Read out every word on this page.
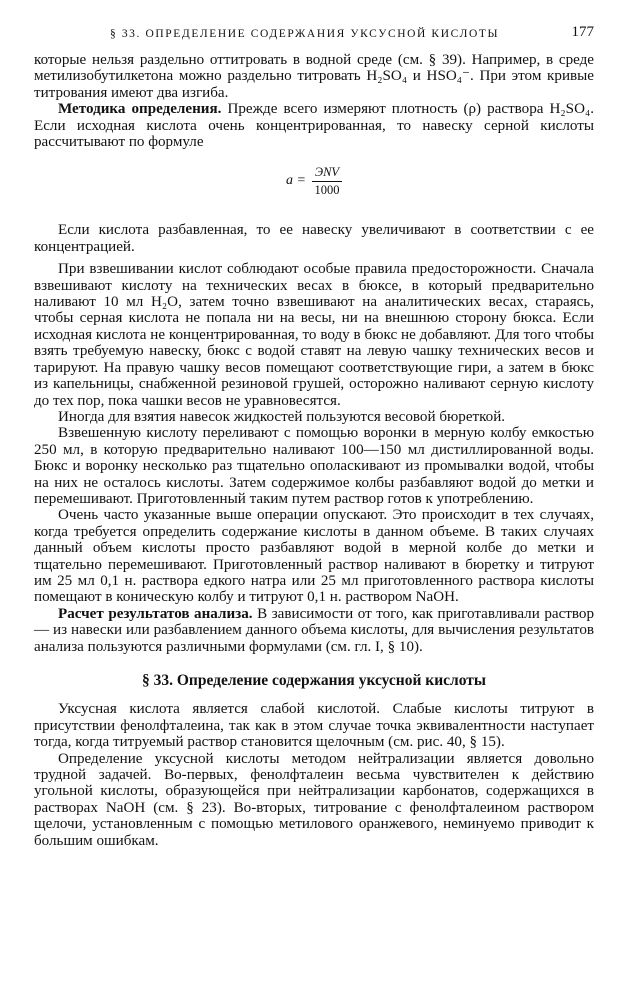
§ 33. ОПРЕДЕЛЕНИЕ СОДЕРЖАНИЯ УКСУСНОЙ КИСЛОТЫ	177

которые нельзя раздельно оттитровать в водной среде (см. § 39). Например, в среде метилизобутилкетона можно раздельно титровать H₂SO₄ и HSO₄⁻. При этом кривые титрования имеют два изгиба.

Методика определения. Прежде всего измеряют плотность (ρ) раствора H₂SO₄. Если исходная кислота очень концентрированная, то навеску серной кислоты рассчитывают по формуле

$a = \frac{\text{ЭNV}}{1000}$

Если кислота разбавленная, то ее навеску увеличивают в соответствии с ее концентрацией.

При взвешивании кислот соблюдают особые правила предосторожности. Сначала взвешивают кислоту на технических весах в бюксе, в который предварительно наливают 10 мл H₂O, затем точно взвешивают на аналитических весах, стараясь, чтобы серная кислота не попала ни на весы, ни на внешнюю сторону бюкса. Если исходная кислота не концентрированная, то воду в бюкс не добавляют. Для того чтобы взять требуемую навеску, бюкс с водой ставят на левую чашку технических весов и тарируют. На правую чашку весов помещают соответствующие гири, а затем в бюкс из капельницы, снабженной резиновой грушей, осторожно наливают серную кислоту до тех пор, пока чашки весов не уравновесятся.

Иногда для взятия навесок жидкостей пользуются весовой бюреткой.

Взвешенную кислоту переливают с помощью воронки в мерную колбу емкостью 250 мл, в которую предварительно наливают 100—150 мл дистиллированной воды. Бюкс и воронку несколько раз тщательно ополаскивают из промывалки водой, чтобы на них не осталось кислоты. Затем содержимое колбы разбавляют водой до метки и перемешивают. Приготовленный таким путем раствор готов к употреблению.

Очень часто указанные выше операции опускают. Это происходит в тех случаях, когда требуется определить содержание кислоты в данном объеме. В таких случаях данный объем кислоты просто разбавляют водой в мерной колбе до метки и тщательно перемешивают. Приготовленный раствор наливают в бюретку и титруют им 25 мл 0,1 н. раствора едкого натра или 25 мл приготовленного раствора кислоты помещают в коническую колбу и титруют 0,1 н. раствором NaOH.

Расчет результатов анализа. В зависимости от того, как приготавливали раствор — из навески или разбавлением данного объема кислоты, для вычисления результатов анализа пользуются различными формулами (см. гл. I, § 10).

§ 33. Определение содержания уксусной кислоты

Уксусная кислота является слабой кислотой. Слабые кислоты титруют в присутствии фенолфталеина, так как в этом случае точка эквивалентности наступает тогда, когда титруемый раствор становится щелочным (см. рис. 40, § 15).

Определение уксусной кислоты методом нейтрализации является довольно трудной задачей. Во-первых, фенолфталеин весьма чувствителен к действию угольной кислоты, образующейся при нейтрализации карбонатов, содержащихся в растворах NaOH (см. § 23). Во-вторых, титрование с фенолфталеином раствором щелочи, установленным с помощью метилового оранжевого, неминуемо приводит к большим ошибкам.
